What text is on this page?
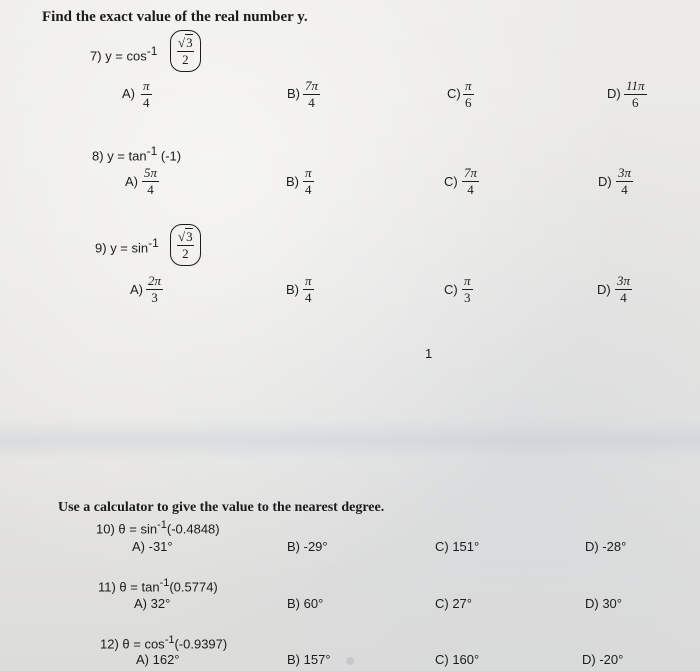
Find the exact value of the real number y.
7) $y = \cos^{-1} \frac{√3}{2}$
$A) \frac{\pi}{4}$	$B) \frac{7\pi}{4}$	$C) \frac{\pi}{6}$	$D) \frac{11\pi}{6}$
8) $y = \tan^{-1} (-1)$
$A) \frac{5\pi}{4}$	$B) \frac{\pi}{4}$	$C) \frac{7\pi}{4}$	$D) \frac{3\pi}{4}$
9) $y = \sin^{-1} \frac{√3}{2}$
$A) \frac{2\pi}{3}$	$B) \frac{\pi}{4}$	$C) \frac{\pi}{3}$	$D) \frac{3\pi}{4}$
1
Use a calculator to give the value to the nearest degree.
10) $\theta = \sin^{-1}(-0.4848)$
A) -31°	B) -29°	C) 151°	D) -28°
11) $\theta = \tan^{-1}(0.5774)$
A) 32°	B) 60°	C) 27°	D) 30°
12) $\theta = \cos^{-1}(-0.9397)$
A) 162°	B) 157°	C) 160°	D) -20°
